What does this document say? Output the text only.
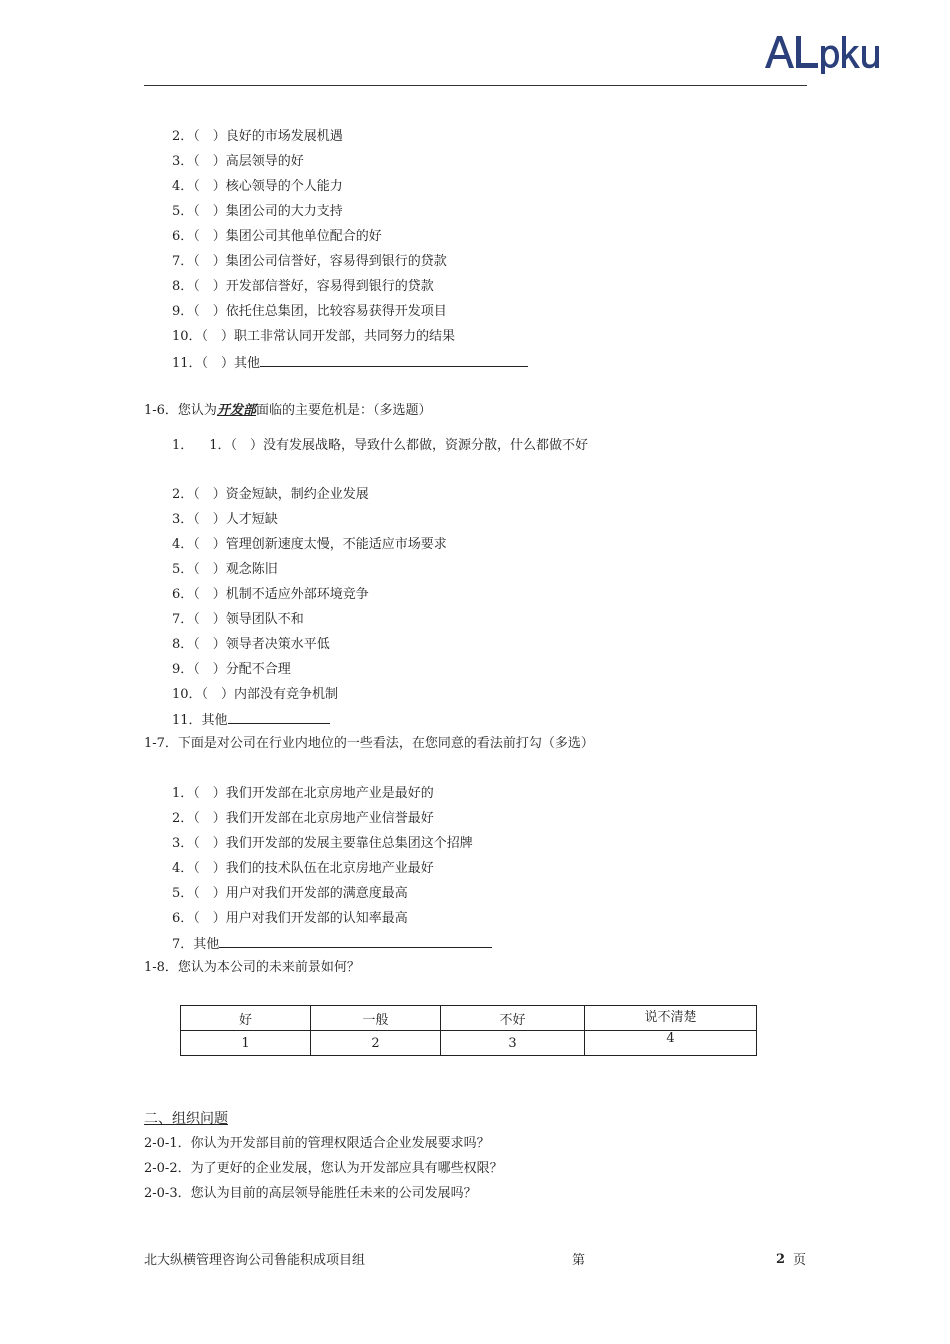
2．（　）良好的市场发展机遇
3．（　）高层领导的好
4．（　）核心领导的个人能力
5．（　）集团公司的大力支持
6．（　）集团公司其他单位配合的好
7．（　）集团公司信誉好，容易得到银行的贷款
8．（　）开发部信誉好，容易得到银行的贷款
9．（　）依托住总集团，比较容易获得开发项目
10．（　）职工非常认同开发部，共同努力的结果
11．（　）其他
1-6．您认为开发部面临的主要危机是：（多选题）
1． 1．（　）没有发展战略，导致什么都做，资源分散，什么都做不好
2．（　）资金短缺，制约企业发展
3．（　）人才短缺
4．（　）管理创新速度太慢，不能适应市场要求
5．（　）观念陈旧
6．（　）机制不适应外部环境竞争
7．（　）领导团队不和
8．（　）领导者决策水平低
9．（　）分配不合理
10．（　）内部没有竞争机制
11．其他
1-7．下面是对公司在行业内地位的一些看法，在您同意的看法前打勾（多选）
1．（　）我们开发部在北京房地产业是最好的
2．（　）我们开发部在北京房地产业信誉最好
3．（　）我们开发部的发展主要靠住总集团这个招牌
4．（　）我们的技术队伍在北京房地产业最好
5．（　）用户对我们开发部的满意度最高
6．（　）用户对我们开发部的认知率最高
7．其他
1-8．您认为本公司的未来前景如何？
好	一般	不好	说不清楚
1	2	3	4
二、组织问题
2-0-1．你认为开发部目前的管理权限适合企业发展要求吗？
2-0-2．为了更好的企业发展，您认为开发部应具有哪些权限？
2-0-3．您认为目前的高层领导能胜任未来的公司发展吗？
北大纵横管理咨询公司鲁能积成项目组	第	2 页
